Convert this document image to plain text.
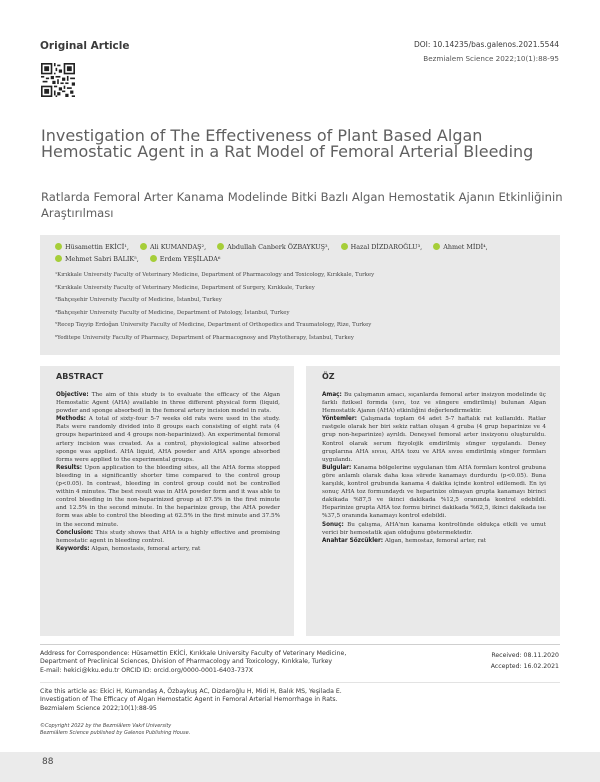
Original Article	DOI: 10.14235/bas.galenos.2021.5544
Bezmialem Science 2022;10(1):88-95
Investigation of The Effectiveness of Plant Based Algan Hemostatic Agent in a Rat Model of Femoral Arterial Bleeding
Ratlarda Femoral Arter Kanama Modelinde Bitki Bazlı Algan Hemostatik Ajanın Etkinliğinin Araştırılması
Hüsamettin EKİCİ¹,	Ali KUMANDAŞ²,	Abdullah Canberk ÖZBAYKUŞ³,	Hazal DİZDAROĞLU³,	Ahmet MİDİ⁴, Mehmet Sabri BALIK⁵,	Erdem YEŞİLADA⁶
¹Kırıkkale University Faculty of Veterinary Medicine, Department of Pharmacology and Toxicology, Kırıkkale, Turkey
²Kırıkkale University Faculty of Veterinary Medicine, Department of Surgery, Kırıkkale, Turkey
³Bahçeşehir University Faculty of Medicine, İstanbul, Turkey
⁴Bahçeşehir University Faculty of Medicine, Department of Patology, İstanbul, Turkey
⁵Recep Tayyip Erdoğan University Faculty of Medicine, Department of Orthopedics and Traumatology, Rize, Turkey
⁶Yeditepe University Faculty of Pharmacy, Department of Pharmacognosy and Phytotherapy, İstanbul, Turkey
ABSTRACT

Objective: The aim of this study is to evaluate the efficacy of the Algan Hemostatic Agent (AHA) available in three different physical form (liquid, powder and sponge absorbed) in the femoral artery incision model in rats.

Methods: A total of sixty-four 5-7 weeks old rats were used in the study. Rats were randomly divided into 8 groups each consisting of eight rats (4 groups heparinized and 4 groups non-heparinized). An experimental femoral artery incision was created. As a control, physiological saline absorbed sponge was applied. AHA liquid, AHA powder and AHA sponge absorbed forms were applied to the experimental groups.

Results: Upon application to the bleeding sites, all the AHA forms stopped bleeding in a significantly shorter time compared to the control group (p<0.05). In contrast, bleeding in control group could not be controlled within 4 minutes. The best result was in AHA powder form and it was able to control bleeding in the non-heparinized group at 87.5% in the first minute and 12.5% in the second minute. In the heparinize group, the AHA powder form was able to control the bleeding at 62.5% in the first minute and 37.5% in the second minute.

Conclusion: This study shows that AHA is a highly effective and promising hemostatic agent in bleeding control.

Keywords: Algan, hemostasis, femoral artery, rat

ÖZ

Amaç: Bu çalışmanın amacı, sıçanlarda femoral arter insizyon modelinde üç farklı fiziksel formda (sıvı, toz ve süngere emdirilmiş) bulunan Algan Hemostatik Ajanın (AHA) etkinliğini değerlendirmektir.

Yöntemler: Çalışmada toplam 64 adet 5-7 haftalık rat kullanıldı. Ratlar rastgele olarak her biri sekiz rattan oluşan 4 gruba (4 grup heparinize ve 4 grup non-heparinize) ayrıldı. Deneysel femoral arter insizyonu oluşturuldu. Kontrol olarak serum fizyolojik emdirilmiş sünger uygulandı. Deney gruplarına AHA sıvısı, AHA tozu ve AHA sıvısı emdirilmiş sünger formları uygulandı.

Bulgular: Kanama bölgelerine uygulanan tüm AHA formları kontrol grubuna göre anlamlı olarak daha kısa sürede kanamayı durdurdu (p<0.05). Buna karşılık, kontrol grubunda kanama 4 dakika içinde kontrol edilemedi. En iyi sonuç AHA toz formundaydı ve heparinize olmayan grupta kanamayı birinci dakikada %87,5 ve ikinci dakikada %12,5 oranında kontrol edebildi. Heparinize grupta AHA toz formu birinci dakikada %62,5, ikinci dakikada ise %37,5 oranında kanamayı kontrol edebildi.

Sonuç: Bu çalışma, AHA'nın kanama kontrolünde oldukça etkili ve umut verici bir hemostatik ajan olduğunu göstermektedir.

Anahtar Sözcükler: Algan, hemostaz, femoral arter, rat

Address for Correspondence: Hüsamettin EKİCİ, Kırıkkale University Faculty of Veterinary Medicine,
Department of Preclinical Sciences, Division of Pharmacology and Toxicology, Kırıkkale, Turkey
E-mail: hekici@kku.edu.tr ORCID ID: orcid.org/0000-0001-6403-737X
Received: 08.11.2020
Accepted: 16.02.2021
Cite this article as: Ekici H, Kumandaş A, Özbaykuş AC, Dizdaroğlu H, Midi H, Balık MS, Yeşilada E.
Investigation of The Efficacy of Algan Hemostatic Agent in Femoral Arterial Hemorrhage in Rats.
Bezmialem Science 2022;10(1):88-95
©Copyright 2022 by the Bezmiâlem Vakıf University
Bezmiâlem Science published by Galenos Publishing House.
88
